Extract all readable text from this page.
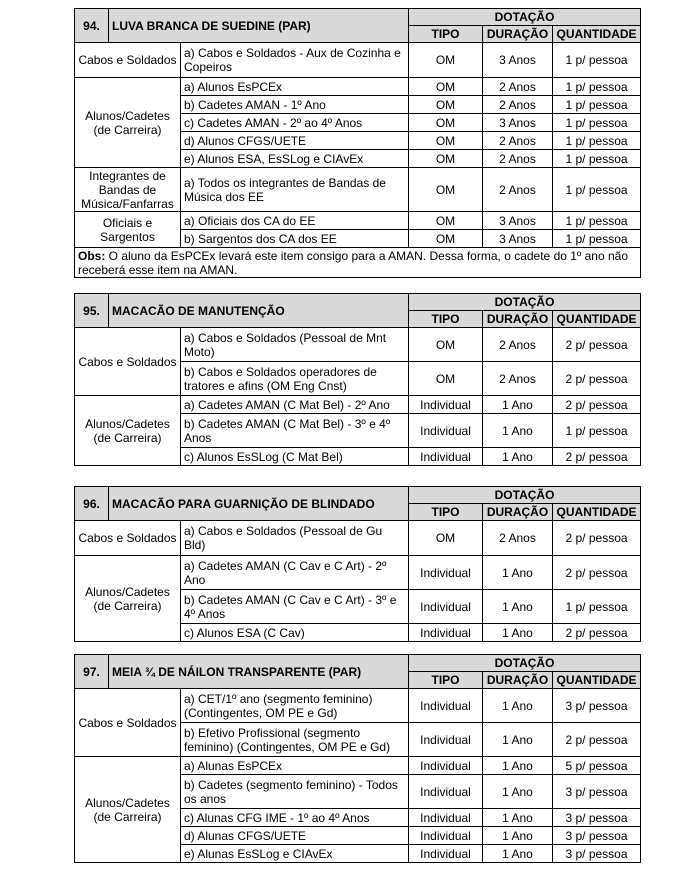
94.	LUVA BRANCA DE SUEDINE (PAR)		DOTAÇÃO		
			TIPO	DURAÇÃO	QUANTIDADE
Cabos e Soldados		a) Cabos e Soldados - Aux de Cozinha e Copeiros	OM	3 Anos	1 p/ pessoa
Alunos/Cadetes (de Carreira)		a) Alunos EsPCEx	OM	2 Anos	1 p/ pessoa
		b) Cadetes AMAN - 1º Ano	OM	2 Anos	1 p/ pessoa
		c) Cadetes AMAN - 2º ao 4º Anos	OM	3 Anos	1 p/ pessoa
		d) Alunos CFGS/UETE	OM	2 Anos	1 p/ pessoa
		e) Alunos ESA, EsSLog e CIAvEx	OM	2 Anos	1 p/ pessoa
Integrantes de Bandas de Música/Fanfarras		a) Todos os integrantes de Bandas de Música dos EE	OM	2 Anos	1 p/ pessoa
Oficiais e Sargentos		a) Oficiais dos CA do EE	OM	3 Anos	1 p/ pessoa
		b) Sargentos dos CA dos EE	OM	3 Anos	1 p/ pessoa
Obs: O aluno da EsPCEx levará este item consigo para a AMAN. Dessa forma, o cadete do 1º ano não receberá esse item na AMAN.					
95.	MACACÃO DE MANUTENÇÃO		DOTAÇÃO		
			TIPO	DURAÇÃO	QUANTIDADE
Cabos e Soldados		a) Cabos e Soldados (Pessoal de Mnt Moto)	OM	2 Anos	2 p/ pessoa
		b) Cabos e Soldados operadores de tratores e afins (OM Eng Cnst)	OM	2 Anos	2 p/ pessoa
Alunos/Cadetes (de Carreira)		a) Cadetes AMAN (C Mat Bel) - 2º Ano	Individual	1 Ano	2 p/ pessoa
		b) Cadetes AMAN (C Mat Bel) - 3º e 4º Anos	Individual	1 Ano	1 p/ pessoa
		c) Alunos EsSLog (C Mat Bel)	Individual	1 Ano	2 p/ pessoa
96.	MACACÃO PARA GUARNIÇÃO DE BLINDADO		DOTAÇÃO		
			TIPO	DURAÇÃO	QUANTIDADE
Cabos e Soldados		a) Cabos e Soldados (Pessoal de Gu Bld)	OM	2 Anos	2 p/ pessoa
Alunos/Cadetes (de Carreira)		a) Cadetes AMAN (C Cav e C Art) - 2º Ano	Individual	1 Ano	2 p/ pessoa
		b) Cadetes AMAN (C Cav e C Art) - 3º e 4º Anos	Individual	1 Ano	1 p/ pessoa
		c) Alunos ESA (C Cav)	Individual	1 Ano	2 p/ pessoa
97.	MEIA ¾ DE NÁILON TRANSPARENTE (PAR)		DOTAÇÃO		
			TIPO	DURAÇÃO	QUANTIDADE
Cabos e Soldados		a) CET/1º ano (segmento feminino) (Contingentes, OM PE e Gd)	Individual	1 Ano	3 p/ pessoa
		b) Efetivo Profissional (segmento feminino) (Contingentes, OM PE e Gd)	Individual	1 Ano	2 p/ pessoa
Alunos/Cadetes (de Carreira)		a) Alunas EsPCEx	Individual	1 Ano	5 p/ pessoa
		b) Cadetes (segmento feminino) - Todos os anos	Individual	1 Ano	3 p/ pessoa
		c) Alunas CFG IME - 1º ao 4º Anos	Individual	1 Ano	3 p/ pessoa
		d) Alunas CFGS/UETE	Individual	1 Ano	3 p/ pessoa
		e) Alunas EsSLog e CIAvEx	Individual	1 Ano	3 p/ pessoa
